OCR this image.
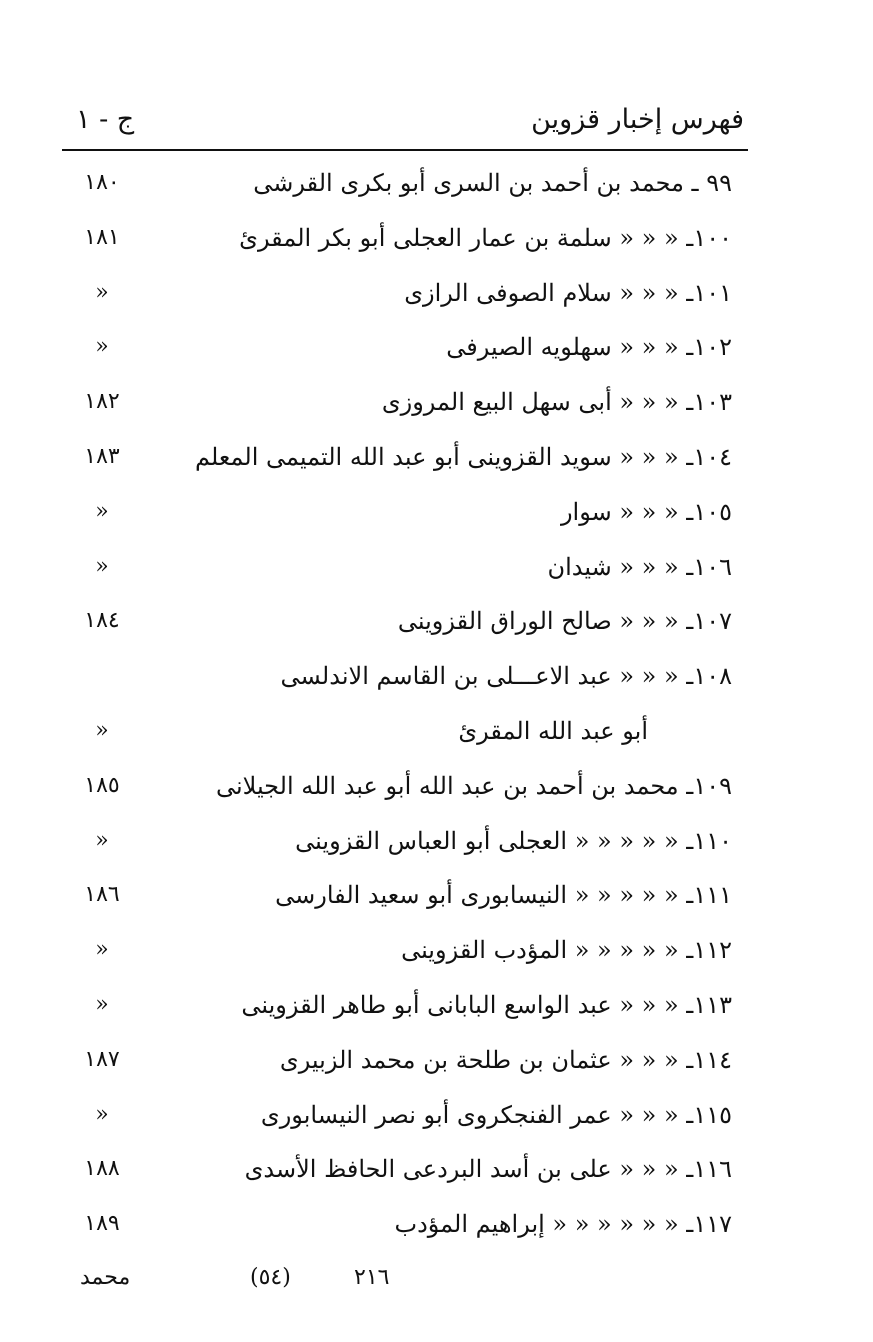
فهرس إخبار قزوين
ج - ١
٩٩ ـ محمد بن أحمد بن السرى أبو بكرى القرشى
١٨٠
١٠٠ـ « « « سلمة بن عمار العجلى أبو بكر المقرئ
١٨١
١٠١ـ « « « سلام الصوفى الرازى
«
١٠٢ـ « « « سهلويه الصيرفى
«
١٠٣ـ « « « أبى سهل البيع المروزى
١٨٢
١٠٤ـ « « « سويد القزوينى أبو عبد الله التميمى المعلم
١٨٣
١٠٥ـ « « « سوار
«
١٠٦ـ « « « شيدان
«
١٠٧ـ « « « صالح الوراق القزوينى
١٨٤
١٠٨ـ « « « عبد الاعـــلى بن القاسم الاندلسى
أبو عبد الله المقرئ
«
١٠٩ـ محمد بن أحمد بن عبد الله أبو عبد الله الجيلانى
١٨٥
١١٠ـ « « « « « العجلى أبو العباس القزوينى
«
١١١ـ « « « « « النيسابورى أبو سعيد الفارسى
١٨٦
١١٢ـ « « « « « المؤدب القزوينى
«
١١٣ـ « « « عبد الواسع البابانى أبو طاهر القزوينى
«
١١٤ـ « « « عثمان بن طلحة بن محمد الزبيرى
١٨٧
١١٥ـ « « « عمر الفنجكروى أبو نصر النيسابورى
«
١١٦ـ « « « على بن أسد البردعى الحافظ الأسدى
١٨٨
١١٧ـ « « « « « « إبراهيم المؤدب
١٨٩
محمد	(٥٤)	٢١٦
